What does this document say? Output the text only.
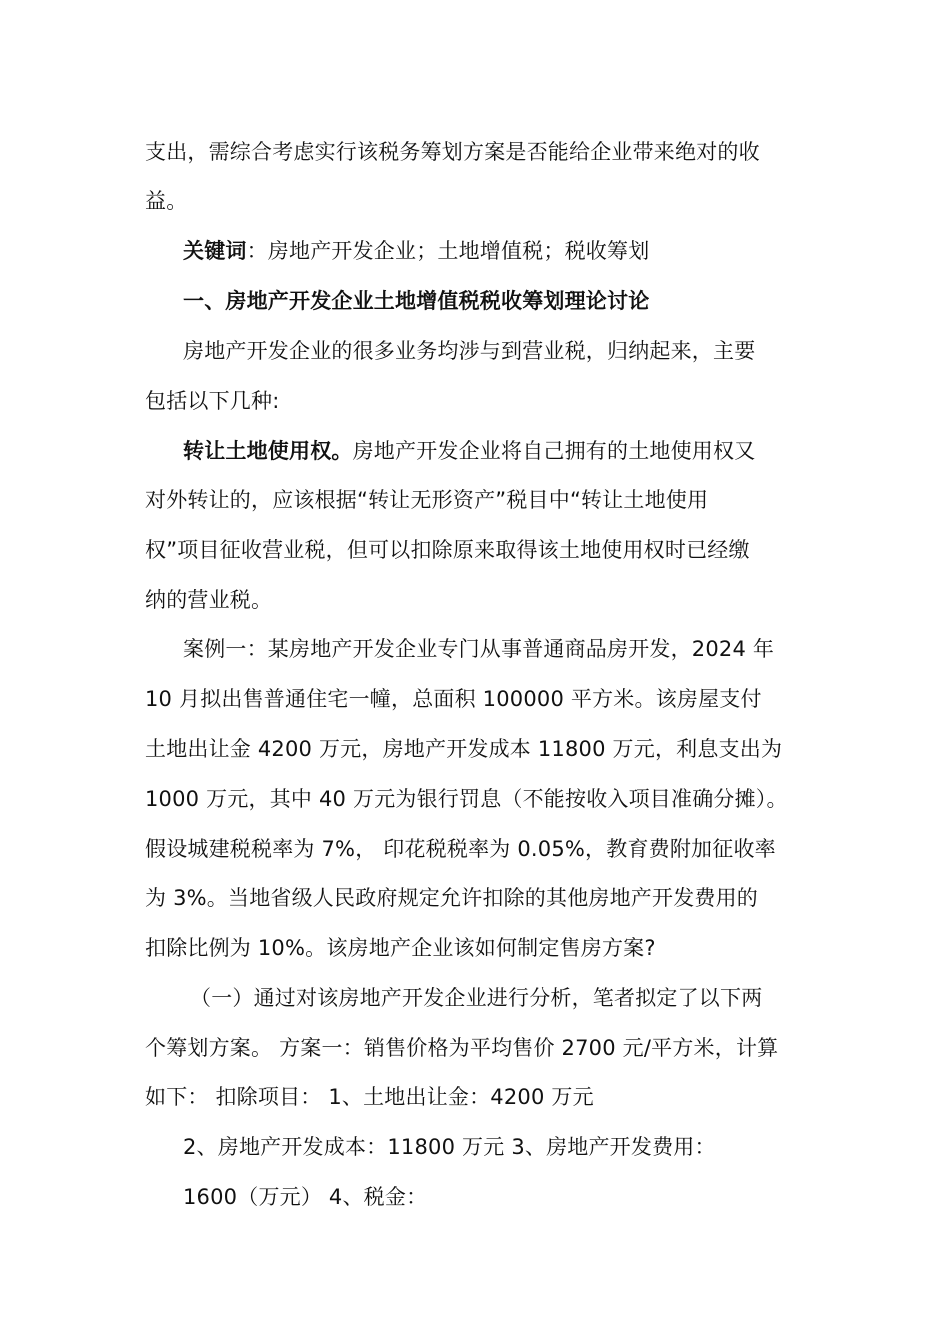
支出，需综合考虑实行该税务筹划方案是否能给企业带来绝对的收
益。
关键词：房地产开发企业；土地增值税；税收筹划
一、房地产开发企业土地增值税税收筹划理论讨论
房地产开发企业的很多业务均涉与到营业税，归纳起来，主要
包括以下几种:
转让土地使用权。房地产开发企业将自己拥有的土地使用权又
对外转让的，应该根据“转让无形资产”税目中“转让土地使用
权”项目征收营业税，但可以扣除原来取得该土地使用权时已经缴
纳的营业税。
案例一：某房地产开发企业专门从事普通商品房开发，2024 年
10 月拟出售普通住宅一幢，总面积 100000 平方米。该房屋支付
土地出让金 4200 万元，房地产开发成本 11800 万元，利息支出为
1000 万元，其中 40 万元为银行罚息（不能按收入项目准确分摊）。
假设城建税税率为 7%， 印花税税率为 0.05%，教育费附加征收率
为 3%。当地省级人民政府规定允许扣除的其他房地产开发费用的
扣除比例为 10%。该房地产企业该如何制定售房方案?
（一）通过对该房地产开发企业进行分析，笔者拟定了以下两
个筹划方案。 方案一：销售价格为平均售价 2700 元/平方米，计算
如下： 扣除项目： 1、土地出让金：4200 万元
2、房地产开发成本：11800 万元 3、房地产开发费用：
1600（万元） 4、税金：
